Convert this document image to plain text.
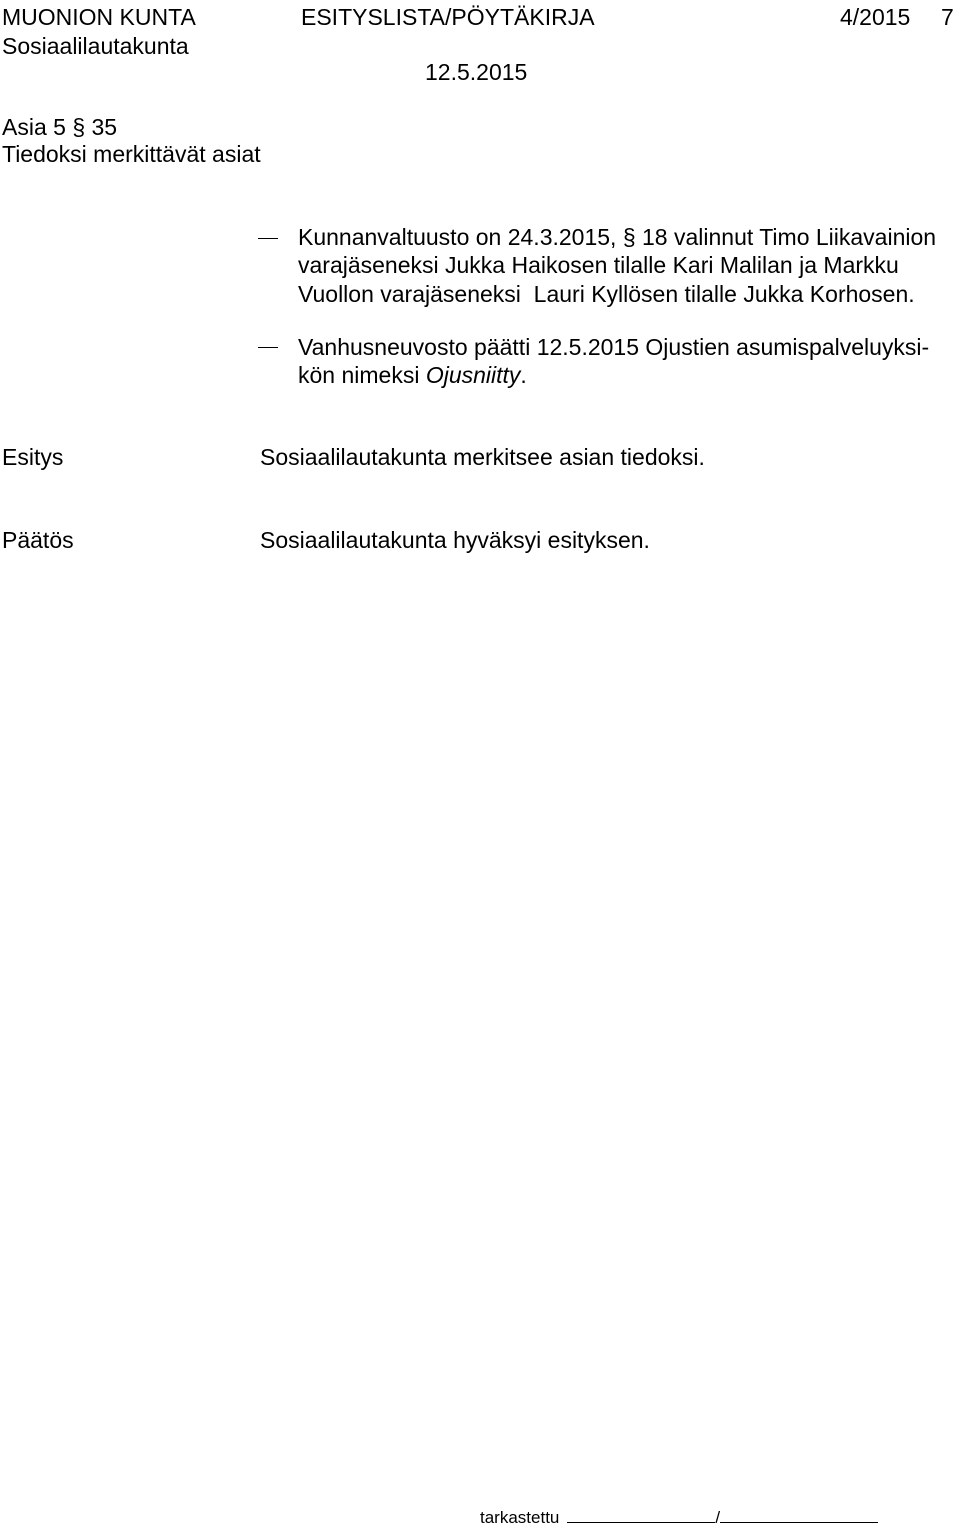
MUONION KUNTA	ESITYSLISTA/PÖYTÄKIRJA	4/2015 7
Sosiaalilautakunta
12.5.2015
Asia 5 § 35
Tiedoksi merkittävät asiat
Kunnanvaltuusto on 24.3.2015, § 18 valinnut Timo Liikavainion
varajäseneksi Jukka Haikosen tilalle Kari Malilan ja Markku
Vuollon varajäseneksi  Lauri Kyllösen tilalle Jukka Korhosen.
Vanhusneuvosto päätti 12.5.2015 Ojustien asumispalveluyksi-
kön nimeksi Ojusniitty.
Esitys	Sosiaalilautakunta merkitsee asian tiedoksi.
Päätös	Sosiaalilautakunta hyväksyi esityksen.
tarkastettu	/
